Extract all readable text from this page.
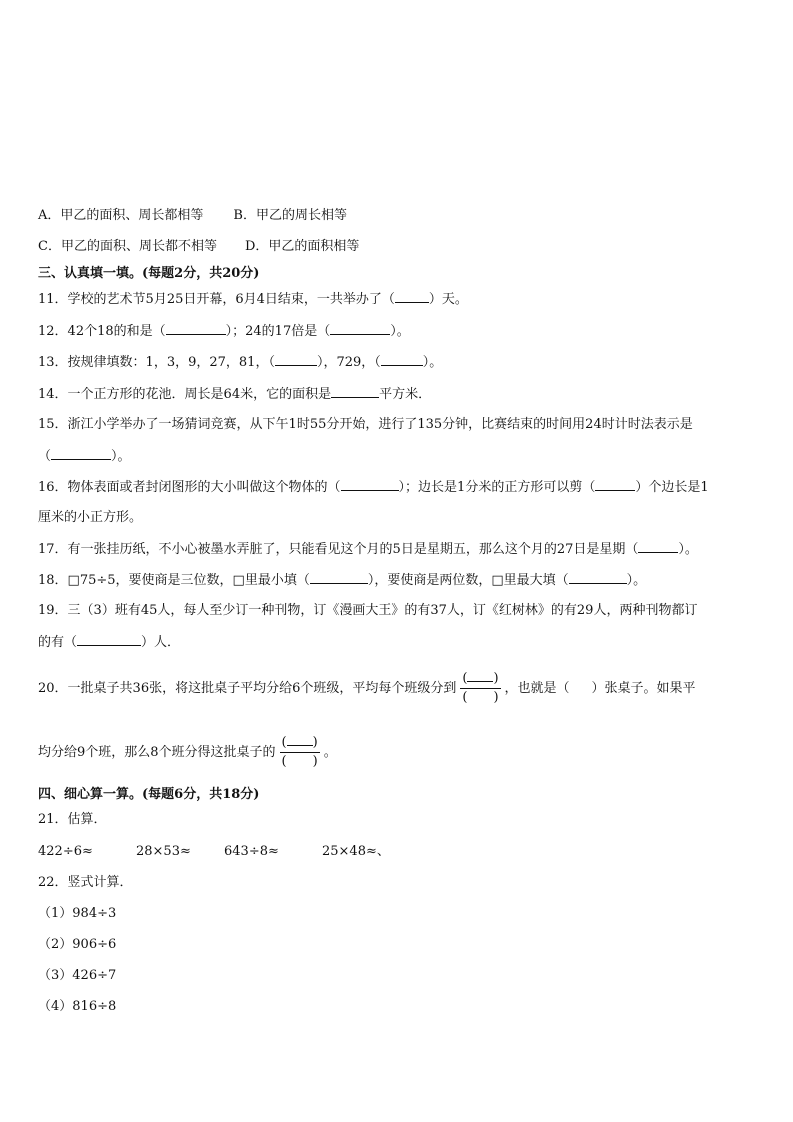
A．甲乙的面积、周长都相等 B．甲乙的周长相等
C．甲乙的面积、周长都不相等 D．甲乙的面积相等
三、认真填一填。(每题2分，共20分)
11．学校的艺术节5月25日开幕，6月4日结束，一共举办了（	）天。
12．42个18的和是（	）；24的17倍是（	）。
13．按规律填数：1，3，9，27，81，（	），729，（	）。
14．一个正方形的花池．周长是64米，它的面积是	平方米．
15．浙江小学举办了一场猜词竞赛，从下午1时55分开始，进行了135分钟，比赛结束的时间用24时计时法表示是
（	）。
16．物体表面或者封闭图形的大小叫做这个物体的（	）；边长是1分米的正方形可以剪（	）个边长是1
厘米的小正方形。
17．有一张挂历纸，不小心被墨水弄脏了，只能看见这个月的5日是星期五，那么这个月的27日是星期（	）。
18．□75÷5，要使商是三位数，□里最小填（	），要使商是两位数，□里最大填（	）。
19．三（3）班有45人，每人至少订一种刊物，订《漫画大王》的有37人，订《红树林》的有29人，两种刊物都订
的有（	）人．
20．一批桌子共36张，将这批桌子平均分给6个班级，平均每个班级分到 $\frac{( )}{( )}$ ，也就是（ ）张桌子。如果平
均分给9个班，那么8个班分得这批桌子的 $\frac{( )}{( )}$ 。
四、细心算一算。(每题6分，共18分)
21．估算．
422÷6≈	28×53≈	643÷8≈	25×48≈、
22．竖式计算．
（1）984÷3
（2）906÷6
（3）426÷7
（4）816÷8
